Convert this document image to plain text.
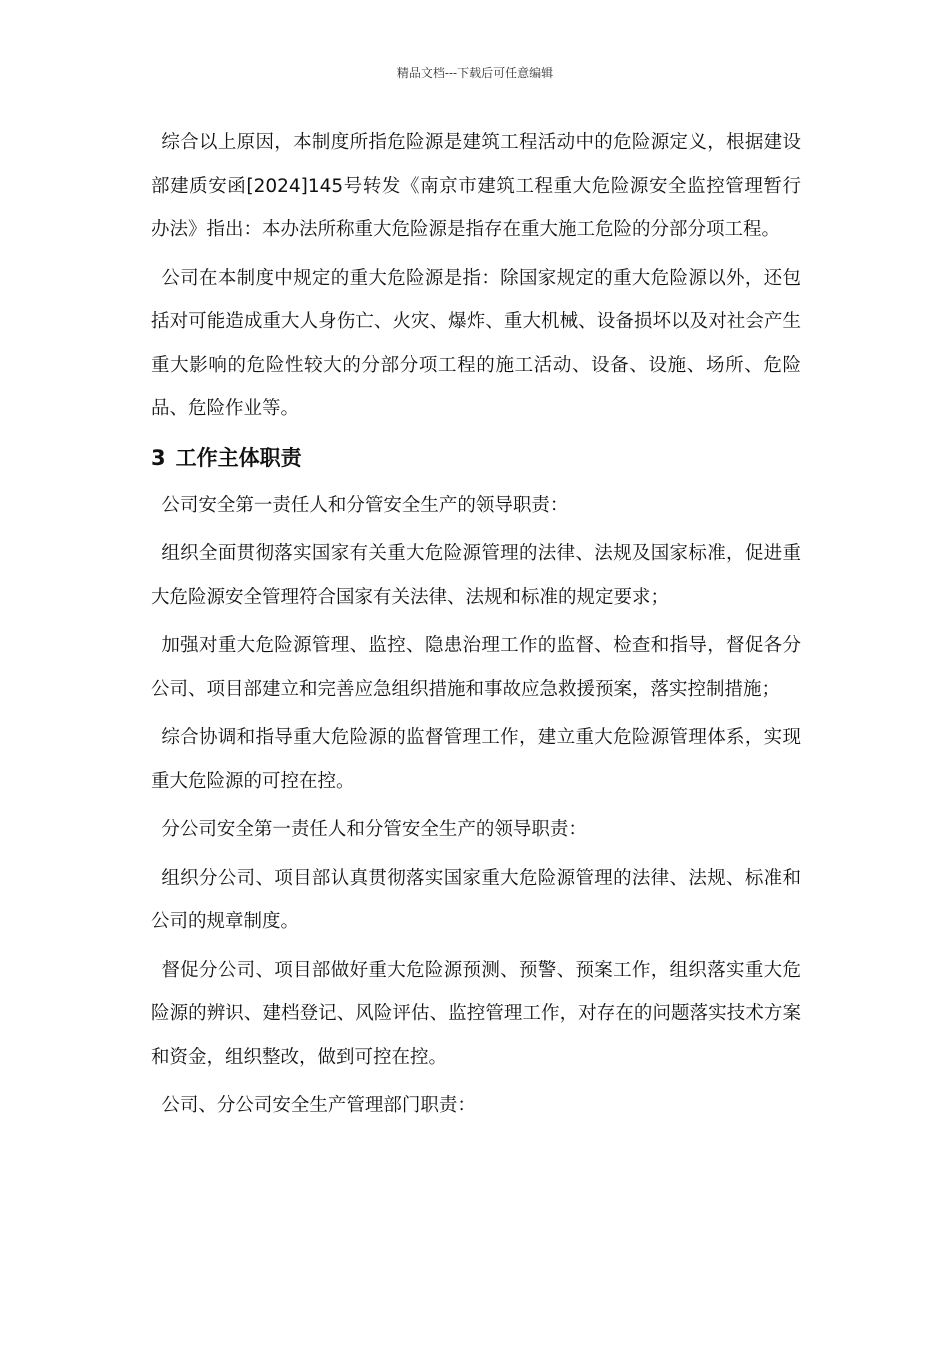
精品文档---下载后可任意编辑

综合以上原因，本制度所指危险源是建筑工程活动中的危险源定义，根据建设部建质安函[2024]145号转发《南京市建筑工程重大危险源安全监控管理暂行办法》指出：本办法所称重大危险源是指存在重大施工危险的分部分项工程。

公司在本制度中规定的重大危险源是指：除国家规定的重大危险源以外，还包括对可能造成重大人身伤亡、火灾、爆炸、重大机械、设备损坏以及对社会产生重大影响的危险性较大的分部分项工程的施工活动、设备、设施、场所、危险品、危险作业等。

3 工作主体职责

公司安全第一责任人和分管安全生产的领导职责：

组织全面贯彻落实国家有关重大危险源管理的法律、法规及国家标准，促进重大危险源安全管理符合国家有关法律、法规和标准的规定要求；

加强对重大危险源管理、监控、隐患治理工作的监督、检查和指导，督促各分公司、项目部建立和完善应急组织措施和事故应急救援预案，落实控制措施；

综合协调和指导重大危险源的监督管理工作，建立重大危险源管理体系，实现重大危险源的可控在控。

分公司安全第一责任人和分管安全生产的领导职责：

组织分公司、项目部认真贯彻落实国家重大危险源管理的法律、法规、标准和公司的规章制度。

督促分公司、项目部做好重大危险源预测、预警、预案工作，组织落实重大危险源的辨识、建档登记、风险评估、监控管理工作，对存在的问题落实技术方案和资金，组织整改，做到可控在控。

公司、分公司安全生产管理部门职责：
